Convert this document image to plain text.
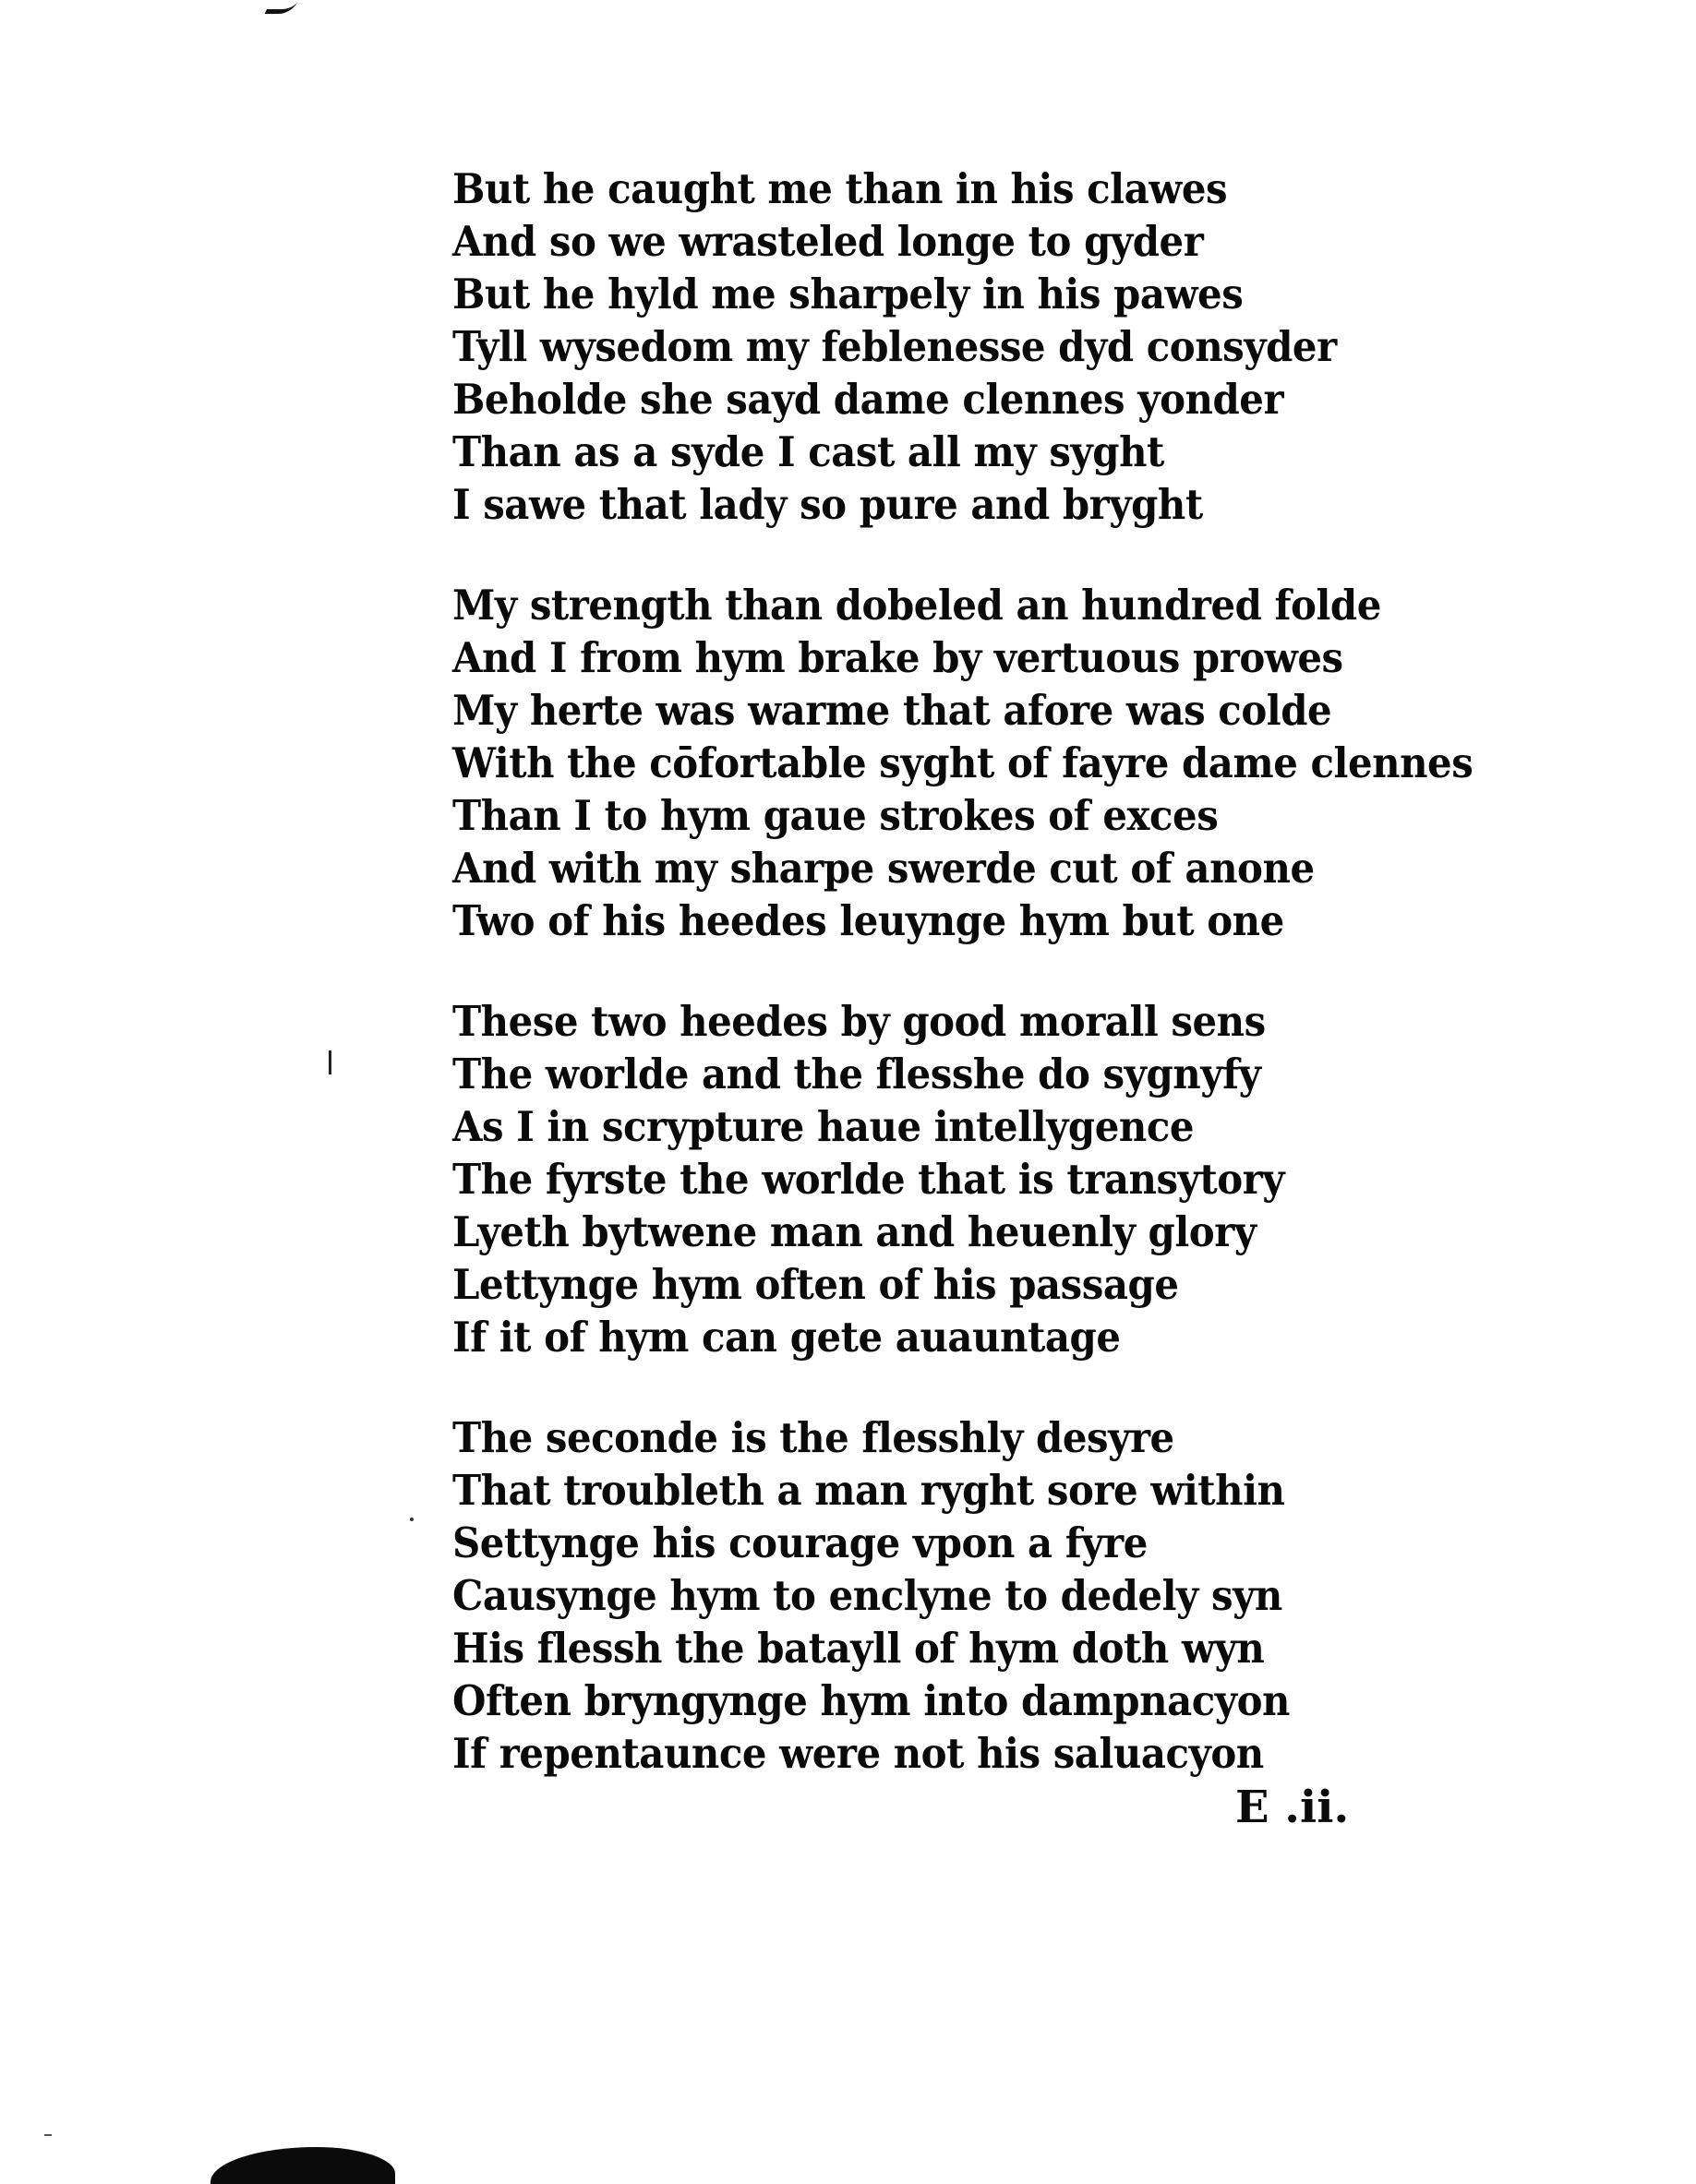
But he caught me than in his clawes
And so we wrasteled longe to gyder
But he hyld me sharpely in his pawes
Tyll wysedom my feblenesse dyd consyder
Beholde she sayd dame clennes yonder
Than as a syde I cast all my syght
I sawe that lady so pure and bryght
My strength than dobeled an hundred folde
And I from hym brake by vertuous prowes
My herte was warme that afore was colde
With the cōfortable syght of fayre dame clennes
Than I to hym gaue strokes of exces
And with my sharpe swerde cut of anone
Two of his heedes leuynge hym but one
These two heedes by good morall sens
The worlde and the flesshe do sygnyfy
As I in scrypture haue intellygence
The fyrste the worlde that is transytory
Lyeth bytwene man and heuenly glory
Lettynge hym often of his passage
If it of hym can gete auauntage
The seconde is the flesshly desyre
That troubleth a man ryght sore within
Settynge his courage vpon a fyre
Causynge hym to enclyne to dedely syn
His flessh the batayll of hym doth wyn
Often bryngynge hym into dampnacyon
If repentaunce were not his saluacyon
E .ii.
